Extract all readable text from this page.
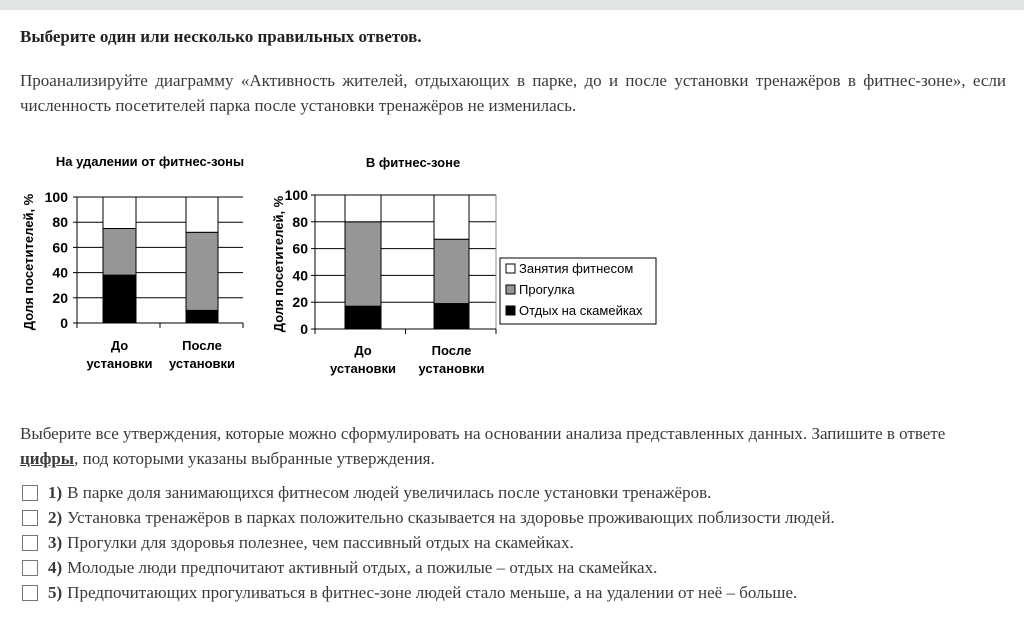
Выберите один или несколько правильных ответов.
Проанализируйте диаграмму «Активность жителей, отдыхающих в парке, до и после установки тренажёров в фитнес-зоне», если численность посетителей парка после установки тренажёров не изменилась.
На удалении от фитнес-зоны
До
установки
После
установки
0
20
40
60
80
100
Доля посетителей, %
В фитнес-зоне
До
установки
После
установки
0
20
40
60
80
100
Доля посетителей, %	Занятия фитнесом
Прогулка
Отдых на скамейках
Выберите все утверждения, которые можно сформулировать на основании анализа представленных данных. Запишите в ответе
цифры, под которыми указаны выбранные утверждения.
1) В парке доля занимающихся фитнесом людей увеличилась после установки тренажёров.
2) Установка тренажёров в парках положительно сказывается на здоровье проживающих поблизости людей.
3) Прогулки для здоровья полезнее, чем пассивный отдых на скамейках.
4) Молодые люди предпочитают активный отдых, а пожилые – отдых на скамейках.
5) Предпочитающих прогуливаться в фитнес-зоне людей стало меньше, а на удалении от неё – больше.
